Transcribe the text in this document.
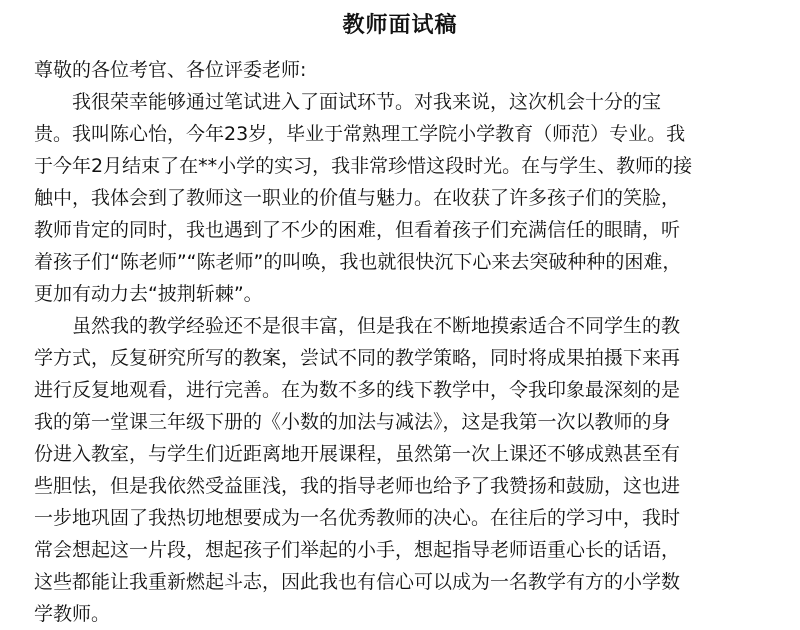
教师面试稿

尊敬的各位考官、各位评委老师:

我很荣幸能够通过笔试进入了面试环节。对我来说，这次机会十分的宝
贵。我叫陈心怡，今年23岁，毕业于常熟理工学院小学教育（师范）专业。我
于今年2月结束了在**小学的实习，我非常珍惜这段时光。在与学生、教师的接
触中，我体会到了教师这一职业的价值与魅力。在收获了许多孩子们的笑脸，
教师肯定的同时，我也遇到了不少的困难，但看着孩子们充满信任的眼睛，听
着孩子们“陈老师”“陈老师”的叫唤，我也就很快沉下心来去突破种种的困难，
更加有动力去“披荆斩棘”。
虽然我的教学经验还不是很丰富，但是我在不断地摸索适合不同学生的教
学方式，反复研究所写的教案，尝试不同的教学策略，同时将成果拍摄下来再
进行反复地观看，进行完善。在为数不多的线下教学中，令我印象最深刻的是
我的第一堂课三年级下册的《小数的加法与减法》，这是我第一次以教师的身
份进入教室，与学生们近距离地开展课程，虽然第一次上课还不够成熟甚至有
些胆怯，但是我依然受益匪浅，我的指导老师也给予了我赞扬和鼓励，这也进
一步地巩固了我热切地想要成为一名优秀教师的决心。在往后的学习中，我时
常会想起这一片段，想起孩子们举起的小手，想起指导老师语重心长的话语，
这些都能让我重新燃起斗志，因此我也有信心可以成为一名教学有方的小学数
学教师。
